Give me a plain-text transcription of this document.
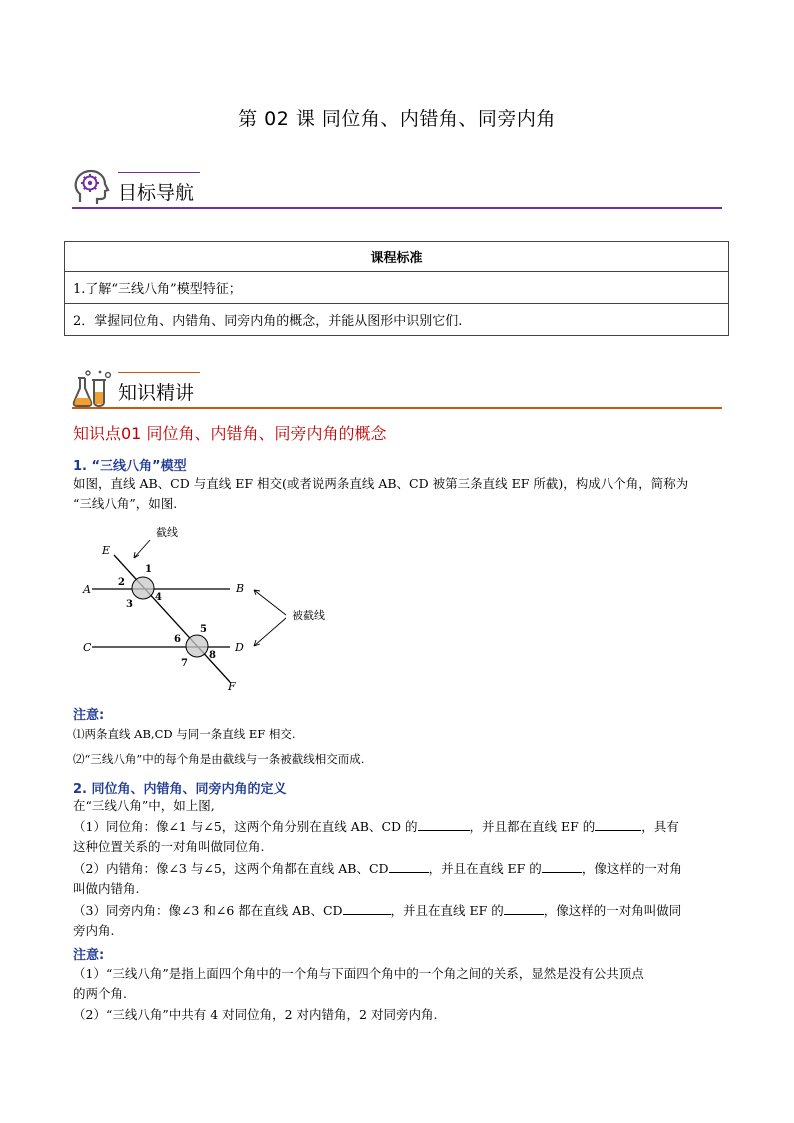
第 02 课 同位角、内错角、同旁内角
目标导航
课程标准
1.了解“三线八角”模型特征；
2．掌握同位角、内错角、同旁内角的概念，并能从图形中识别它们.
知识精讲
知识点01 同位角、内错角、同旁内角的概念
1. “三线八角”模型
如图，直线 AB、CD 与直线 EF 相交(或者说两条直线 AB、CD 被第三条直线 EF 所截)，构成八个角，简称为
“三线八角”，如图.
E
F
A	B
C	D
1
2
3
4
5
6
7
8
截线
被截线
注意:
⑴两条直线 AB,CD 与同一条直线 EF 相交.
⑵“三线八角”中的每个角是由截线与一条被截线相交而成.
2. 同位角、内错角、同旁内角的定义
在“三线八角”中，如上图,
（1）同位角：像∠1 与∠5，这两个角分别在直线 AB、CD 的	，并且都在直线 EF 的	，具有
这种位置关系的一对角叫做同位角.
（2）内错角：像∠3 与∠5，这两个角都在直线 AB、CD	，并且在直线 EF 的	，像这样的一对角
叫做内错角.
（3）同旁内角：像∠3 和∠6 都在直线 AB、CD	，并且在直线 EF 的	，像这样的一对角叫做同
旁内角.
注意:
（1）“三线八角”是指上面四个角中的一个角与下面四个角中的一个角之间的关系，显然是没有公共顶点
的两个角.
（2）“三线八角”中共有 4 对同位角，2 对内错角，2 对同旁内角.
